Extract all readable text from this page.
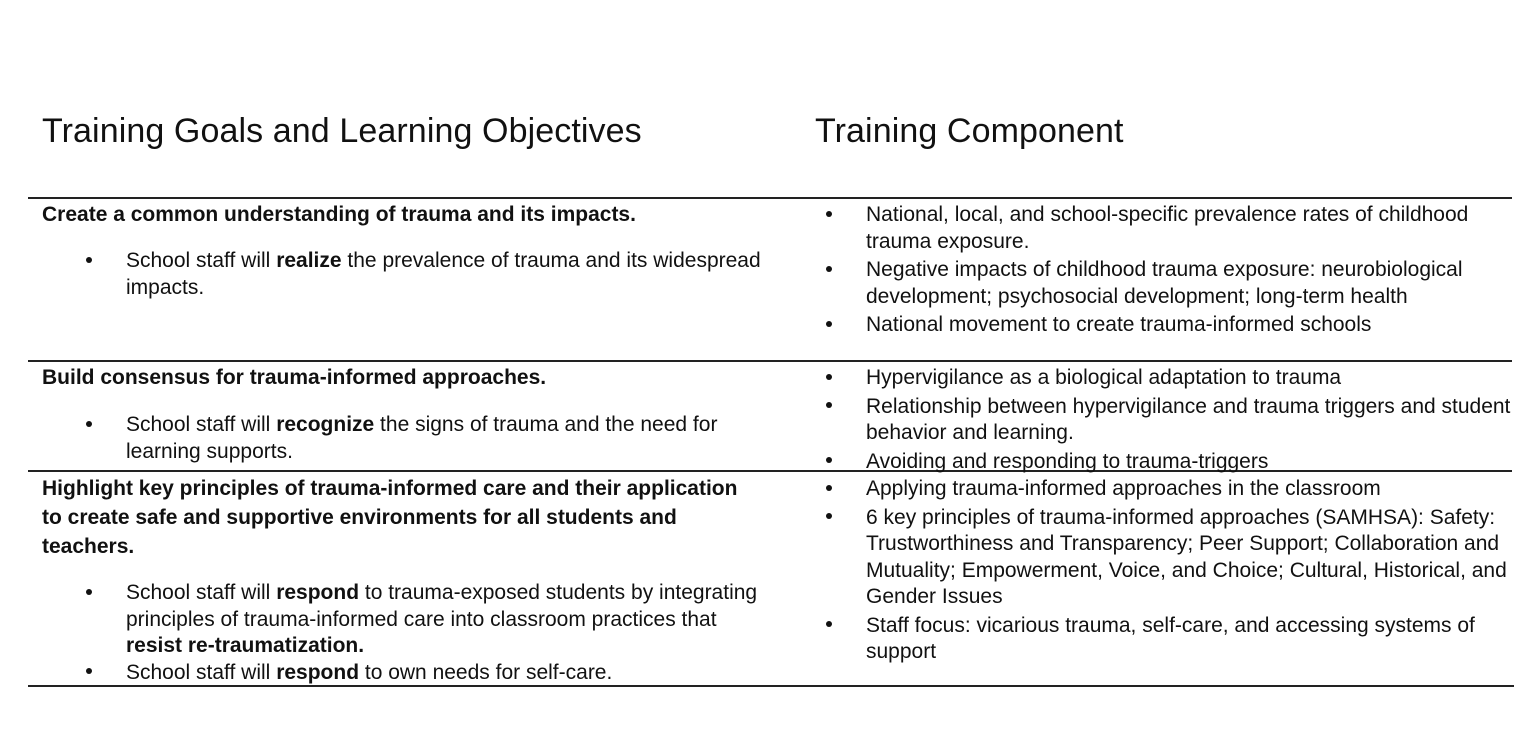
Training Goals and Learning Objectives	Training Component
Create a common understanding of trauma and its impacts.
School staff will realize the prevalence of trauma and its widespread impacts.
National, local, and school-specific prevalence rates of childhood trauma exposure.
Negative impacts of childhood trauma exposure: neurobiological development; psychosocial development; long-term health
National movement to create trauma-informed schools
Build consensus for trauma-informed approaches.
School staff will recognize the signs of trauma and the need for learning supports.
Hypervigilance as a biological adaptation to trauma
Relationship between hypervigilance and trauma triggers and student behavior and learning.
Avoiding and responding to trauma-triggers
Highlight key principles of trauma-informed care and their application to create safe and supportive environments for all students and teachers.
School staff will respond to trauma-exposed students by integrating principles of trauma-informed care into classroom practices that resist re-traumatization.
School staff will respond to own needs for self-care.
Applying trauma-informed approaches in the classroom
6 key principles of trauma-informed approaches (SAMHSA): Safety: Trustworthiness and Transparency; Peer Support; Collaboration and Mutuality; Empowerment, Voice, and Choice; Cultural, Historical, and Gender Issues
Staff focus: vicarious trauma, self-care, and accessing systems of support
